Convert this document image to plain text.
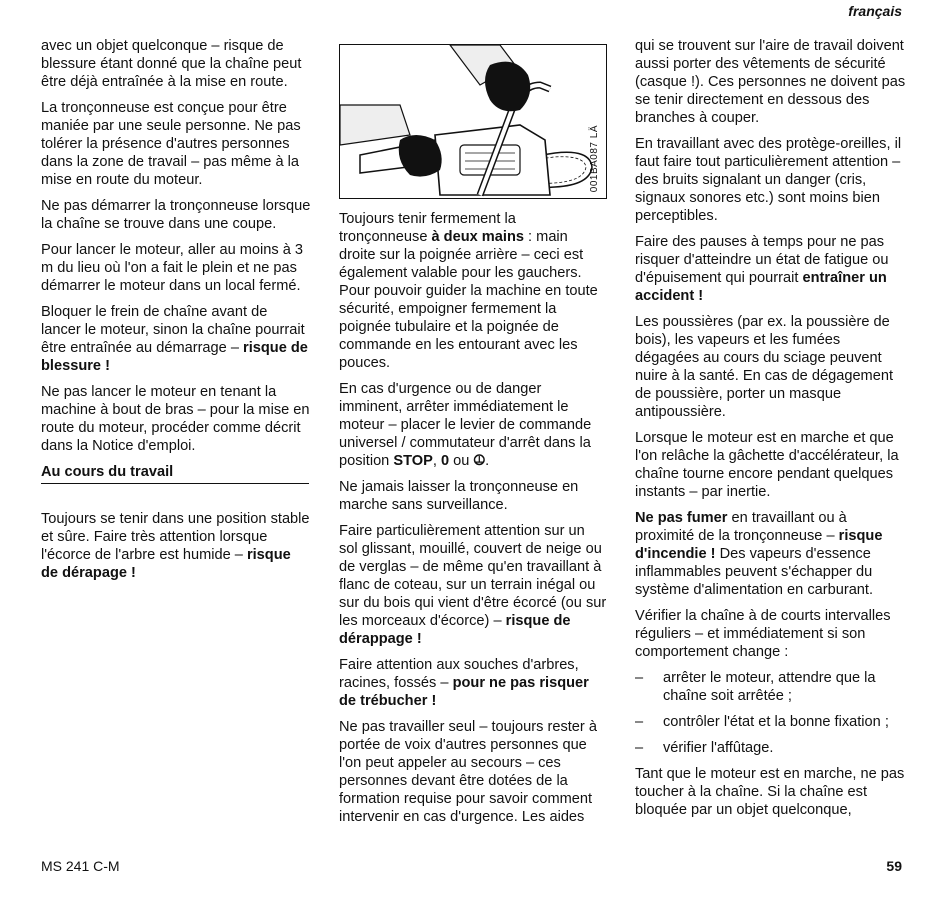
français

avec un objet quelconque – risque de blessure étant donné que la chaîne peut être déjà entraînée à la mise en route.

La tronçonneuse est conçue pour être maniée par une seule personne. Ne pas tolérer la présence d'autres personnes dans la zone de travail – pas même à la mise en route du moteur.

Ne pas démarrer la tronçonneuse lorsque la chaîne se trouve dans une coupe.

Pour lancer le moteur, aller au moins à 3 m du lieu où l'on a fait le plein et ne pas démarrer le moteur dans un local fermé.

Bloquer le frein de chaîne avant de lancer le moteur, sinon la chaîne pourrait être entraînée au démarrage – risque de blessure !

Ne pas lancer le moteur en tenant la machine à bout de bras – pour la mise en route du moteur, procéder comme décrit dans la Notice d'emploi.

Au cours du travail

Toujours se tenir dans une position stable et sûre. Faire très attention lorsque l'écorce de l'arbre est humide – risque de dérapage !

001BA087 LÄ

Toujours tenir fermement la tronçonneuse à deux mains : main droite sur la poignée arrière – ceci est également valable pour les gauchers. Pour pouvoir guider la machine en toute sécurité, empoigner fermement la poignée tubulaire et la poignée de commande en les entourant avec les pouces.

En cas d'urgence ou de danger imminent, arrêter immédiatement le moteur – placer le levier de commande universel / commutateur d'arrêt dans la position STOP, 0 ou ⦹.

Ne jamais laisser la tronçonneuse en marche sans surveillance.

Faire particulièrement attention sur un sol glissant, mouillé, couvert de neige ou de verglas – de même qu'en travaillant à flanc de coteau, sur un terrain inégal ou sur du bois qui vient d'être écorcé (ou sur les morceaux d'écorce) – risque de dérappage !

Faire attention aux souches d'arbres, racines, fossés – pour ne pas risquer de trébucher !

Ne pas travailler seul – toujours rester à portée de voix d'autres personnes que l'on peut appeler au secours – ces personnes devant être dotées de la formation requise pour savoir comment intervenir en cas d'urgence. Les aides

qui se trouvent sur l'aire de travail doivent aussi porter des vêtements de sécurité (casque !). Ces personnes ne doivent pas se tenir directement en dessous des branches à couper.

En travaillant avec des protège-oreilles, il faut faire tout particulièrement attention – des bruits signalant un danger (cris, signaux sonores etc.) sont moins bien perceptibles.

Faire des pauses à temps pour ne pas risquer d'atteindre un état de fatigue ou d'épuisement qui pourrait entraîner un accident !

Les poussières (par ex. la poussière de bois), les vapeurs et les fumées dégagées au cours du sciage peuvent nuire à la santé. En cas de dégagement de poussière, porter un masque antipoussière.

Lorsque le moteur est en marche et que l'on relâche la gâchette d'accélérateur, la chaîne tourne encore pendant quelques instants – par inertie.

Ne pas fumer en travaillant ou à proximité de la tronçonneuse – risque d'incendie ! Des vapeurs d'essence inflammables peuvent s'échapper du système d'alimentation en carburant.

Vérifier la chaîne à de courts intervalles réguliers – et immédiatement si son comportement change :

–	arrêter le moteur, attendre que la chaîne soit arrêtée ;
–	contrôler l'état et la bonne fixation ;
–	vérifier l'affûtage.

Tant que le moteur est en marche, ne pas toucher à la chaîne. Si la chaîne est bloquée par un objet quelconque,

MS 241 C-M	59
